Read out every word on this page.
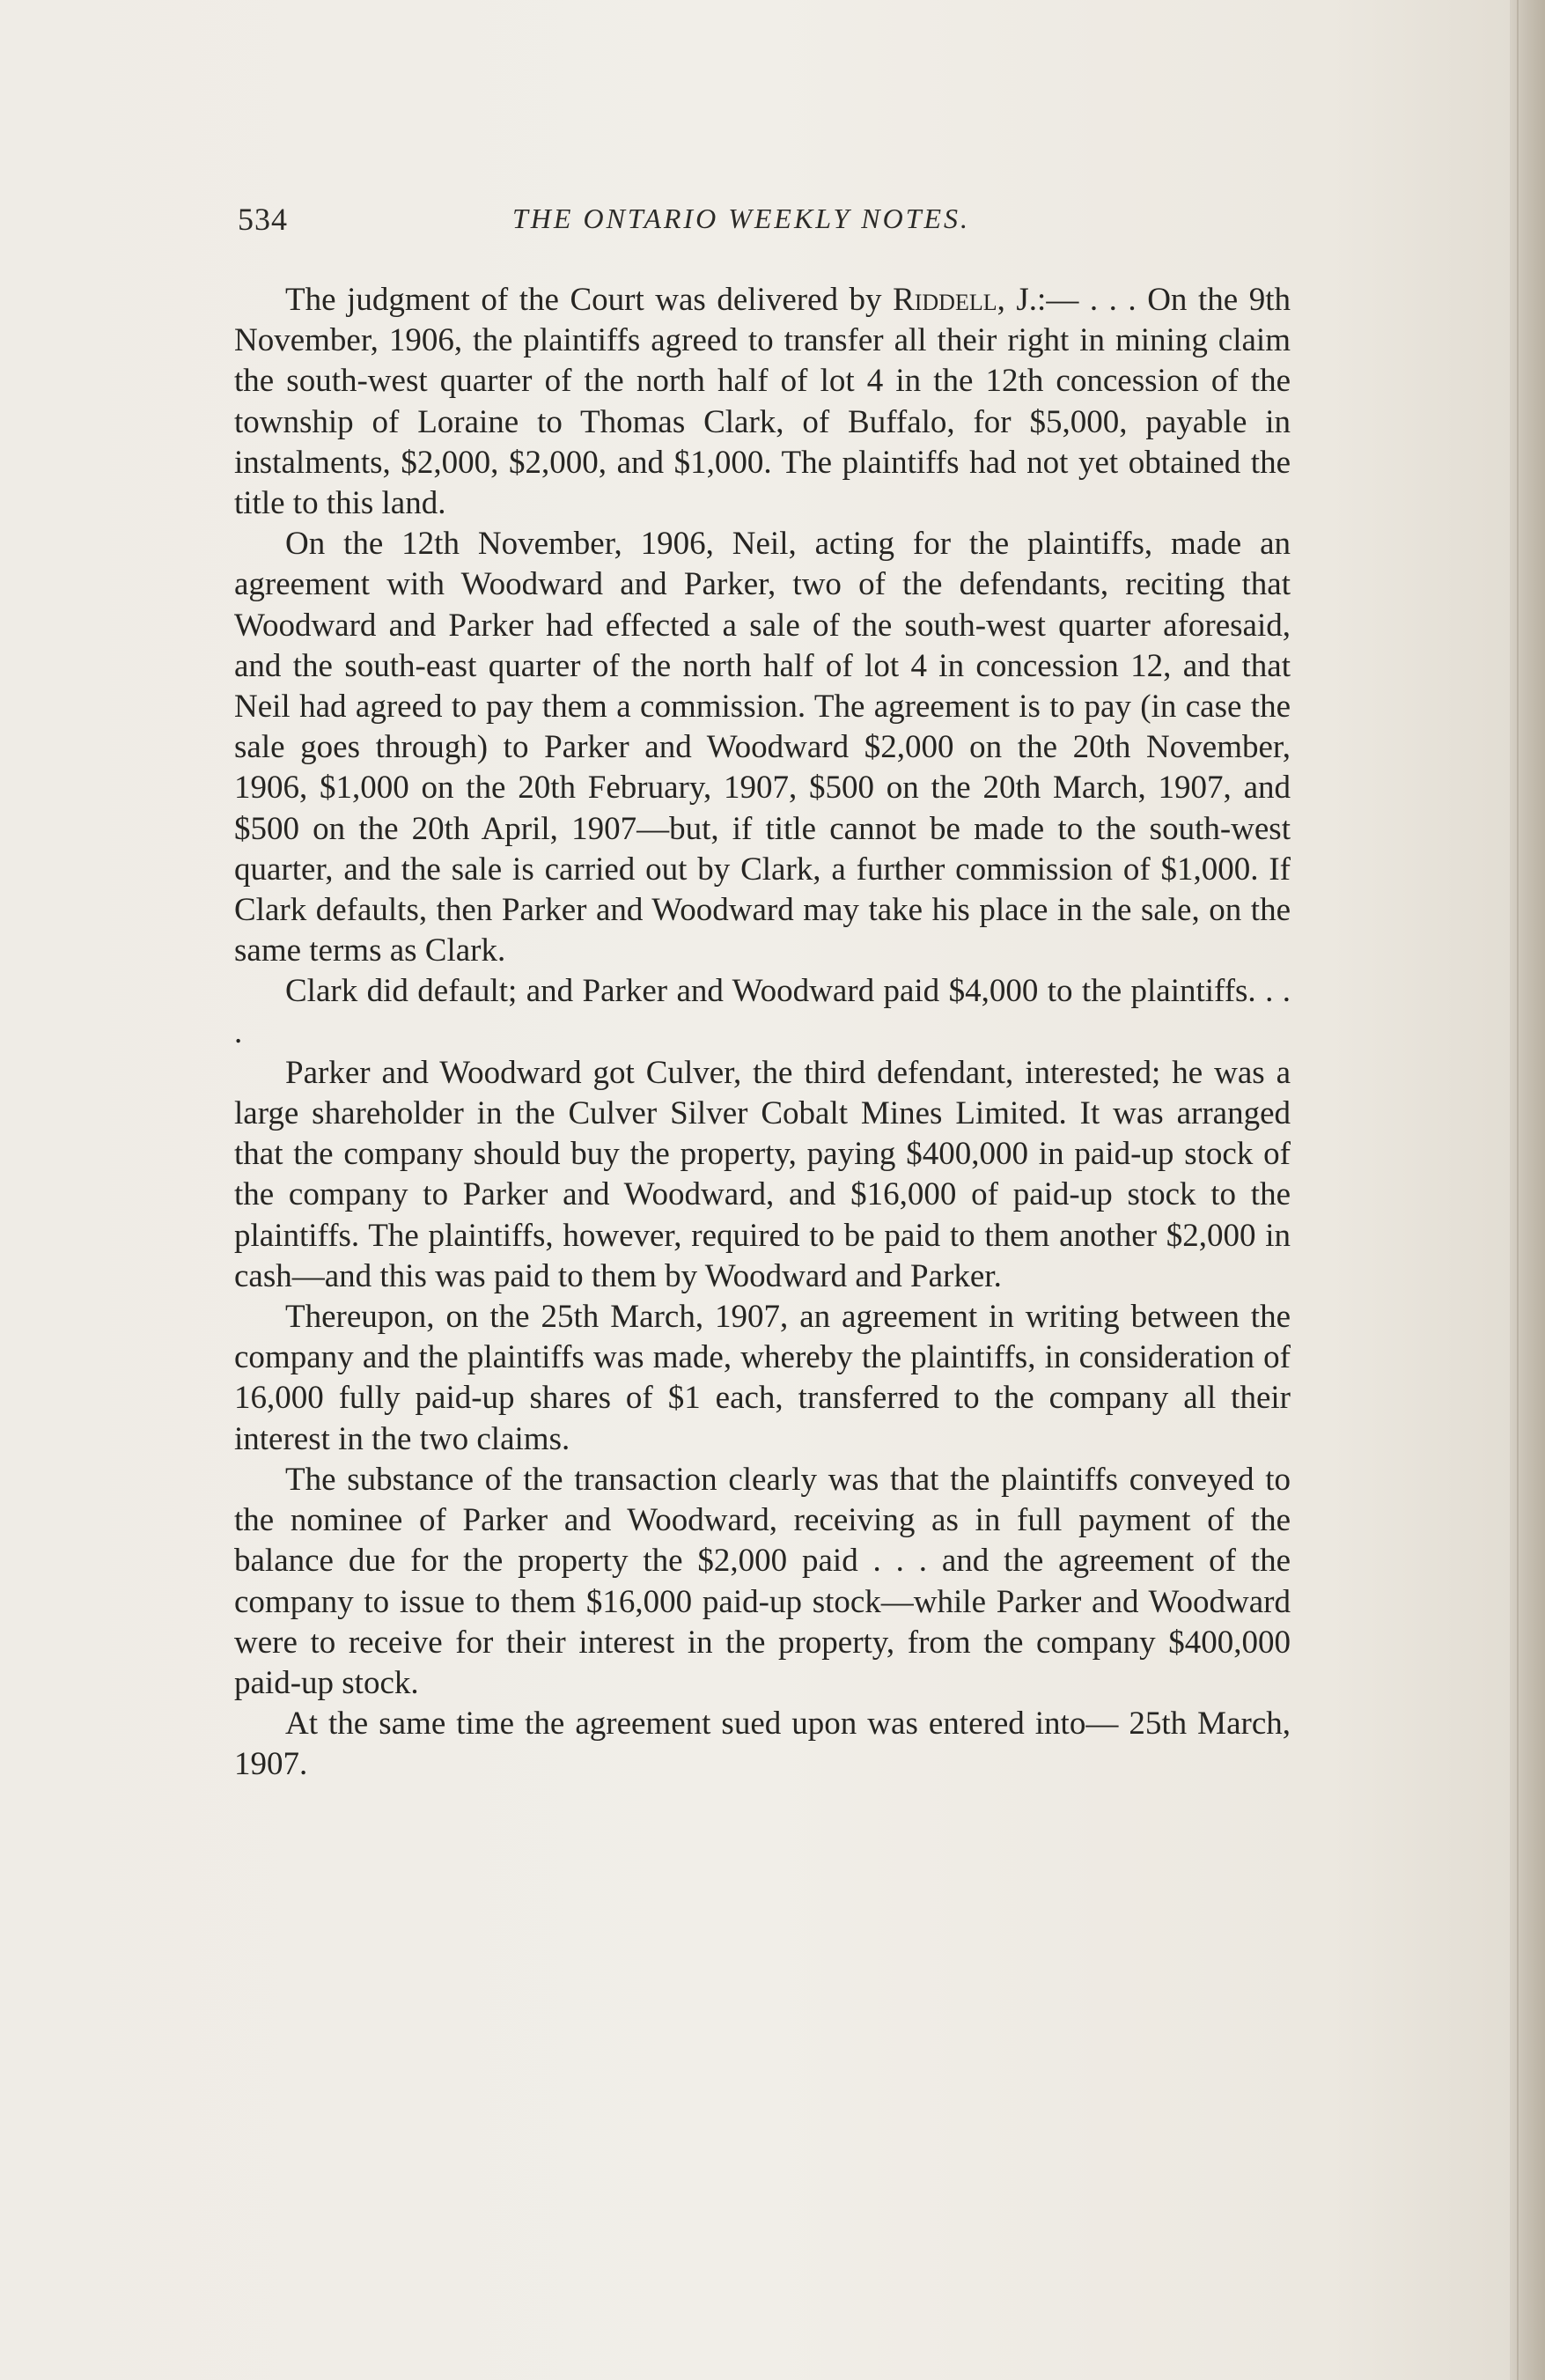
534	THE ONTARIO WEEKLY NOTES.

The judgment of the Court was delivered by Riddell, J.:— . . . On the 9th November, 1906, the plaintiffs agreed to transfer all their right in mining claim the south-west quarter of the north half of lot 4 in the 12th concession of the township of Loraine to Thomas Clark, of Buffalo, for $5,000, payable in instalments, $2,000, $2,000, and $1,000. The plaintiffs had not yet obtained the title to this land.

On the 12th November, 1906, Neil, acting for the plaintiffs, made an agreement with Woodward and Parker, two of the defendants, reciting that Woodward and Parker had effected a sale of the south-west quarter aforesaid, and the south-east quarter of the north half of lot 4 in concession 12, and that Neil had agreed to pay them a commission. The agreement is to pay (in case the sale goes through) to Parker and Woodward $2,000 on the 20th November, 1906, $1,000 on the 20th February, 1907, $500 on the 20th March, 1907, and $500 on the 20th April, 1907—but, if title cannot be made to the south-west quarter, and the sale is carried out by Clark, a further commission of $1,000. If Clark defaults, then Parker and Woodward may take his place in the sale, on the same terms as Clark.

Clark did default; and Parker and Woodward paid $4,000 to the plaintiffs. . . .

Parker and Woodward got Culver, the third defendant, interested; he was a large shareholder in the Culver Silver Cobalt Mines Limited. It was arranged that the company should buy the property, paying $400,000 in paid-up stock of the company to Parker and Woodward, and $16,000 of paid-up stock to the plaintiffs. The plaintiffs, however, required to be paid to them another $2,000 in cash—and this was paid to them by Woodward and Parker.

Thereupon, on the 25th March, 1907, an agreement in writing between the company and the plaintiffs was made, whereby the plaintiffs, in consideration of 16,000 fully paid-up shares of $1 each, transferred to the company all their interest in the two claims.

The substance of the transaction clearly was that the plaintiffs conveyed to the nominee of Parker and Woodward, receiving as in full payment of the balance due for the property the $2,000 paid . . . and the agreement of the company to issue to them $16,000 paid-up stock—while Parker and Woodward were to receive for their interest in the property, from the company $400,000 paid-up stock.

At the same time the agreement sued upon was entered into— 25th March, 1907.
